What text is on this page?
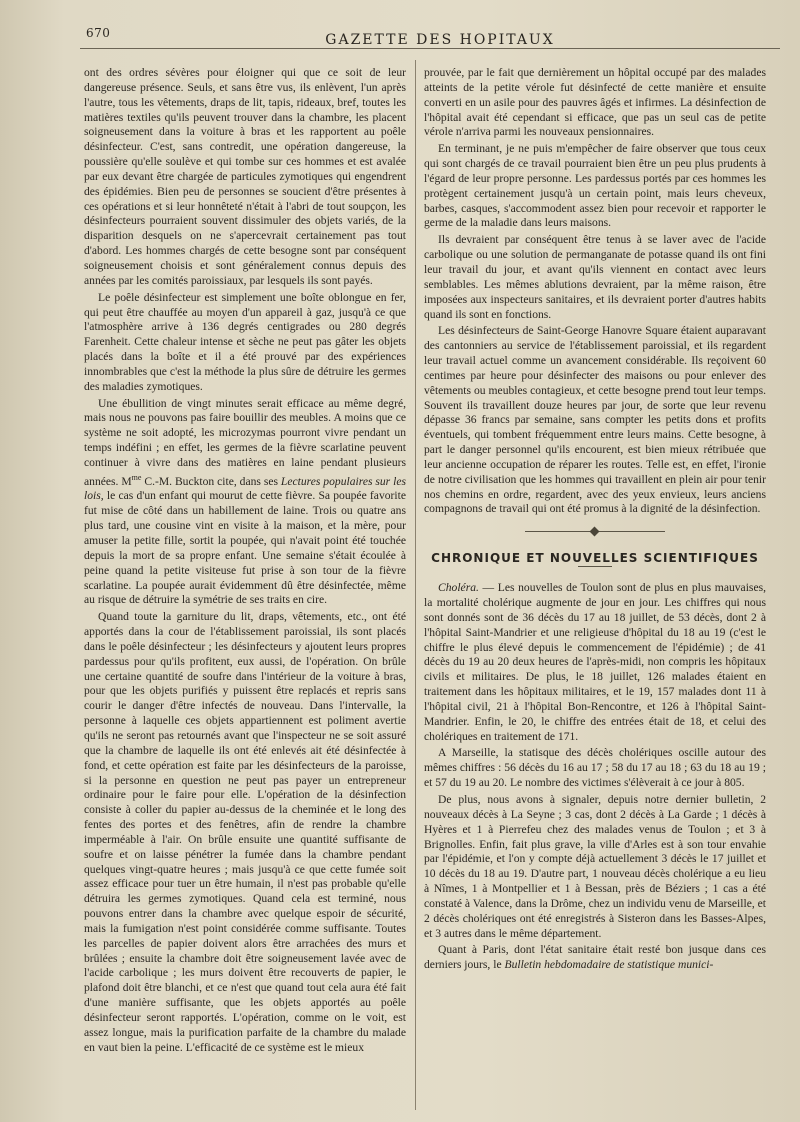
670	GAZETTE DES HOPITAUX

ont des ordres sévères pour éloigner qui que ce soit de leur dangereuse présence. Seuls, et sans être vus, ils enlèvent, l'un après l'autre, tous les vêtements, draps de lit, tapis, rideaux, bref, toutes les matières textiles qu'ils peuvent trouver dans la chambre, les placent soigneusement dans la voiture à bras et les rapportent au poêle désinfecteur. C'est, sans contredit, une opération dangereuse, la poussière qu'elle soulève et qui tombe sur ces hommes et est avalée par eux devant être chargée de particules zymotiques qui engendrent des épidémies. Bien peu de personnes se soucient d'être présentes à ces opérations et si leur honnêteté n'était à l'abri de tout soupçon, les désinfecteurs pourraient souvent dissimuler des objets variés, de la disparition desquels on ne s'apercevrait certainement pas tout d'abord. Les hommes chargés de cette besogne sont par conséquent soigneusement choisis et sont généralement connus depuis des années par les comités paroissiaux, par lesquels ils sont payés.

Le poêle désinfecteur est simplement une boîte oblongue en fer, qui peut être chauffée au moyen d'un appareil à gaz, jusqu'à ce que l'atmosphère arrive à 136 degrés centigrades ou 280 degrés Farenheit. Cette chaleur intense et sèche ne peut pas gâter les objets placés dans la boîte et il a été prouvé par des expériences innombrables que c'est la méthode la plus sûre de détruire les germes des maladies zymotiques.

Une ébullition de vingt minutes serait efficace au même degré, mais nous ne pouvons pas faire bouillir des meubles. A moins que ce système ne soit adopté, les microzymas pourront vivre pendant un temps indéfini ; en effet, les germes de la fièvre scarlatine peuvent continuer à vivre dans des matières en laine pendant plusieurs années. $M^{me}$ C.-M. Buckton cite, dans ses Lectures populaires sur les lois, le cas d'un enfant qui mourut de cette fièvre. Sa poupée favorite fut mise de côté dans un habillement de laine. Trois ou quatre ans plus tard, une cousine vint en visite à la maison, et la mère, pour amuser la petite fille, sortit la poupée, qui n'avait point été touchée depuis la mort de sa propre enfant. Une semaine s'était écoulée à peine quand la petite visiteuse fut prise à son tour de la fièvre scarlatine. La poupée aurait évidemment dû être désinfectée, même au risque de détruire la symétrie de ses traits en cire.

Quand toute la garniture du lit, draps, vêtements, etc., ont été apportés dans la cour de l'établissement paroissial, ils sont placés dans le poêle désinfecteur ; les désinfecteurs y ajoutent leurs propres pardessus pour qu'ils profitent, eux aussi, de l'opération. On brûle une certaine quantité de soufre dans l'intérieur de la voiture à bras, pour que les objets purifiés y puissent être replacés et repris sans courir le danger d'être infectés de nouveau. Dans l'intervalle, la personne à laquelle ces objets appartiennent est poliment avertie qu'ils ne seront pas retournés avant que l'inspecteur ne se soit assuré que la chambre de laquelle ils ont été enlevés ait été désinfectée à fond, et cette opération est faite par les désinfecteurs de la paroisse, si la personne en question ne peut pas payer un entrepreneur ordinaire pour le faire pour elle. L'opération de la désinfection consiste à coller du papier au-dessus de la cheminée et le long des fentes des portes et des fenêtres, afin de rendre la chambre imperméable à l'air. On brûle ensuite une quantité suffisante de soufre et on laisse pénétrer la fumée dans la chambre pendant quelques vingt-quatre heures ; mais jusqu'à ce que cette fumée soit assez efficace pour tuer un être humain, il n'est pas probable qu'elle détruira les germes zymotiques. Quand cela est terminé, nous pouvons entrer dans la chambre avec quelque espoir de sécurité, mais la fumigation n'est point considérée comme suffisante. Toutes les parcelles de papier doivent alors être arrachées des murs et brûlées ; ensuite la chambre doit être soigneusement lavée avec de l'acide carbolique ; les murs doivent être recouverts de papier, le plafond doit être blanchi, et ce n'est que quand tout cela aura été fait d'une manière suffisante, que les objets apportés au poêle désinfecteur seront rapportés. L'opération, comme on le voit, est assez longue, mais la purification parfaite de la chambre du malade en vaut bien la peine. L'efficacité de ce système est le mieux

prouvée, par le fait que dernièrement un hôpital occupé par des malades atteints de la petite vérole fut désinfecté de cette manière et ensuite converti en un asile pour des pauvres âgés et infirmes. La désinfection de l'hôpital avait été cependant si efficace, que pas un seul cas de petite vérole n'arriva parmi les nouveaux pensionnaires.

En terminant, je ne puis m'empêcher de faire observer que tous ceux qui sont chargés de ce travail pourraient bien être un peu plus prudents à l'égard de leur propre personne. Les pardessus portés par ces hommes les protègent certainement jusqu'à un certain point, mais leurs cheveux, barbes, casques, s'accommodent assez bien pour recevoir et rapporter le germe de la maladie dans leurs maisons.

Ils devraient par conséquent être tenus à se laver avec de l'acide carbolique ou une solution de permanganate de potasse quand ils ont fini leur travail du jour, et avant qu'ils viennent en contact avec leurs semblables. Les mêmes ablutions devraient, par la même raison, être imposées aux inspecteurs sanitaires, et ils devraient porter d'autres habits quand ils sont en fonctions.

Les désinfecteurs de Saint-George Hanovre Square étaient auparavant des cantonniers au service de l'établissement paroissial, et ils regardent leur travail actuel comme un avancement considérable. Ils reçoivent 60 centimes par heure pour désinfecter des maisons ou pour enlever des vêtements ou meubles contagieux, et cette besogne prend tout leur temps. Souvent ils travaillent douze heures par jour, de sorte que leur revenu dépasse 36 francs par semaine, sans compter les petits dons et profits éventuels, qui tombent fréquemment entre leurs mains. Cette besogne, à part le danger personnel qu'ils encourent, est bien mieux rétribuée que leur ancienne occupation de réparer les routes. Telle est, en effet, l'ironie de notre civilisation que les hommes qui travaillent en plein air pour tenir nos chemins en ordre, regardent, avec des yeux envieux, leurs anciens compagnons de travail qui ont été promus à la dignité de la désinfection.

CHRONIQUE ET NOUVELLES SCIENTIFIQUES

Choléra. — Les nouvelles de Toulon sont de plus en plus mauvaises, la mortalité cholérique augmente de jour en jour. Les chiffres qui nous sont donnés sont de 36 décès du 17 au 18 juillet, de 53 décès, dont 2 à l'hôpital Saint-Mandrier et une religieuse d'hôpital du 18 au 19 (c'est le chiffre le plus élevé depuis le commencement de l'épidémie) ; de 41 décès du 19 au 20 deux heures de l'après-midi, non compris les hôpitaux civils et militaires. De plus, le 18 juillet, 126 malades étaient en traitement dans les hôpitaux militaires, et le 19, 157 malades dont 11 à l'hôpital civil, 21 à l'hôpital Bon-Rencontre, et 126 à l'hôpital Saint-Mandrier. Enfin, le 20, le chiffre des entrées était de 18, et celui des cholériques en traitement de 171.

A Marseille, la statisque des décès cholériques oscille autour des mêmes chiffres : 56 décès du 16 au 17 ; 58 du 17 au 18 ; 63 du 18 au 19 ; et 57 du 19 au 20. Le nombre des victimes s'élèverait à ce jour à 805.

De plus, nous avons à signaler, depuis notre dernier bulletin, 2 nouveaux décès à La Seyne ; 3 cas, dont 2 décès à La Garde ; 1 décès à Hyères et 1 à Pierrefeu chez des malades venus de Toulon ; et 3 à Brignolles. Enfin, fait plus grave, la ville d'Arles est à son tour envahie par l'épidémie, et l'on y compte déjà actuellement 3 décès le 17 juillet et 10 décès du 18 au 19. D'autre part, 1 nouveau décès cholérique a eu lieu à Nîmes, 1 à Montpellier et 1 à Bessan, près de Béziers ; 1 cas a été constaté à Valence, dans la Drôme, chez un individu venu de Marseille, et 2 décès cholériques ont été enregistrés à Sisteron dans les Basses-Alpes, et 3 autres dans le même département.

Quant à Paris, dont l'état sanitaire était resté bon jusque dans ces derniers jours, le Bulletin hebdomadaire de statistique munici-
